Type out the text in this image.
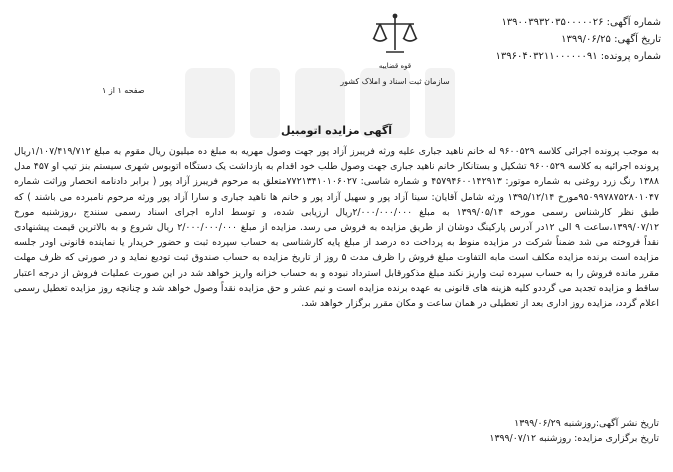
شماره آگهی: ۱۳۹۰۰۳۹۳۲۰۳۵۰۰۰۰۰۲۶
تاریخ آگهی: ۱۳۹۹/۰۶/۲۵
شماره پرونده: ۱۳۹۶۰۴۰۳۲۱۱۰۰۰۰۰۰۹۱
قوه قضاییه
سازمان ثبت اسناد و املاک کشور
صفحه ۱ از ۱
آگهی مزایده اتومبیل
به موجب پرونده اجرائی کلاسه ۹۶۰۰۵۲۹ له خانم ناهید جباری علیه ورثه فریبرز آزاد پور جهت وصول مهریه به مبلغ ده میلیون ریال مقوم به مبلغ ۱/۱۰۷/۴۱۹/۷۱۲ریال پرونده اجرائیه به کلاسه ۹۶۰۰۵۲۹ تشکیل و بستانکار خانم ناهید جباری جهت وصول طلب خود اقدام به بازداشت یک دستگاه اتوبوس شهری سیستم بنز تیپ او ۴۵۷ مدل ۱۳۸۸ رنگ زرد روغنی به شماره موتور: ۴۵۷۹۴۶۰۰۱۴۲۹۱۳ و شماره شاسی: ۷۷۲۱۳۴۱۰۱۰۶۰۲۷متعلق به مرحوم فریبرز آزاد پور ( برابر دادنامه انحصار وراثت شماره ۹۵۰۹۹۷۸۷۵۲۸۰۱۰۴۷مورخ ۱۳۹۵/۱۲/۱۴ ورثه شامل آقایان: سینا آزاد پور و سهیل آزاد پور و خانم ها ناهید جباری و سارا آزاد پور ورثه مرحوم نامبرده می باشند ) که طبق نظر کارشناس رسمی مورخه ۱۳۹۹/۰۵/۱۴ به مبلغ ۲/۰۰۰/۰۰۰/۰۰۰ریال ارزیابی شده، و توسط اداره اجرای اسناد رسمی سنندج ،روزشنبه مورخ ۱۳۹۹/۰۷/۱۲،ساعت ۹ الی ۱۲در آدرس پارکینگ دوشان از طریق مزایده به فروش می رسد. مزایده از مبلغ ۲/۰۰۰/۰۰۰/۰۰۰ ریال شروع و به بالاترین قیمت پیشنهادی نقداً فروخته می شد ضمناً شرکت در مزایده منوط به پرداخت ده درصد از مبلغ پایه کارشناسی به حساب سپرده ثبت و حضور خریدار یا نماینده قانونی اودر جلسه مزایده است برنده مزایده مکلف است مابه التفاوت مبلغ فروش را ظرف مدت ۵ روز از تاریخ مزایده به حساب صندوق ثبت تودیع نماید و در صورتی که ظرف مهلت مقرر مانده فروش را به حساب سپرده ثبت واریز نکند مبلغ مذکورقابل استرداد نبوده و به حساب خزانه واریز خواهد شد در این صورت عملیات فروش از درجه اعتبار ساقط و مزایده تجدید می گرددو کلیه هزینه های قانونی به عهده برنده مزایده است و نیم عشر و حق مزایده نقداً وصول خواهد شد و چنانچه روز مزایده تعطیل رسمی اعلام گردد، مزایده روز اداری بعد از تعطیلی در همان ساعت و مکان مقرر برگزار خواهد شد.
تاریخ نشر آگهی:روزشنبه ۱۳۹۹/۰۶/۲۹
تاریخ برگزاری مزایده: روزشنبه ۱۳۹۹/۰۷/۱۲
